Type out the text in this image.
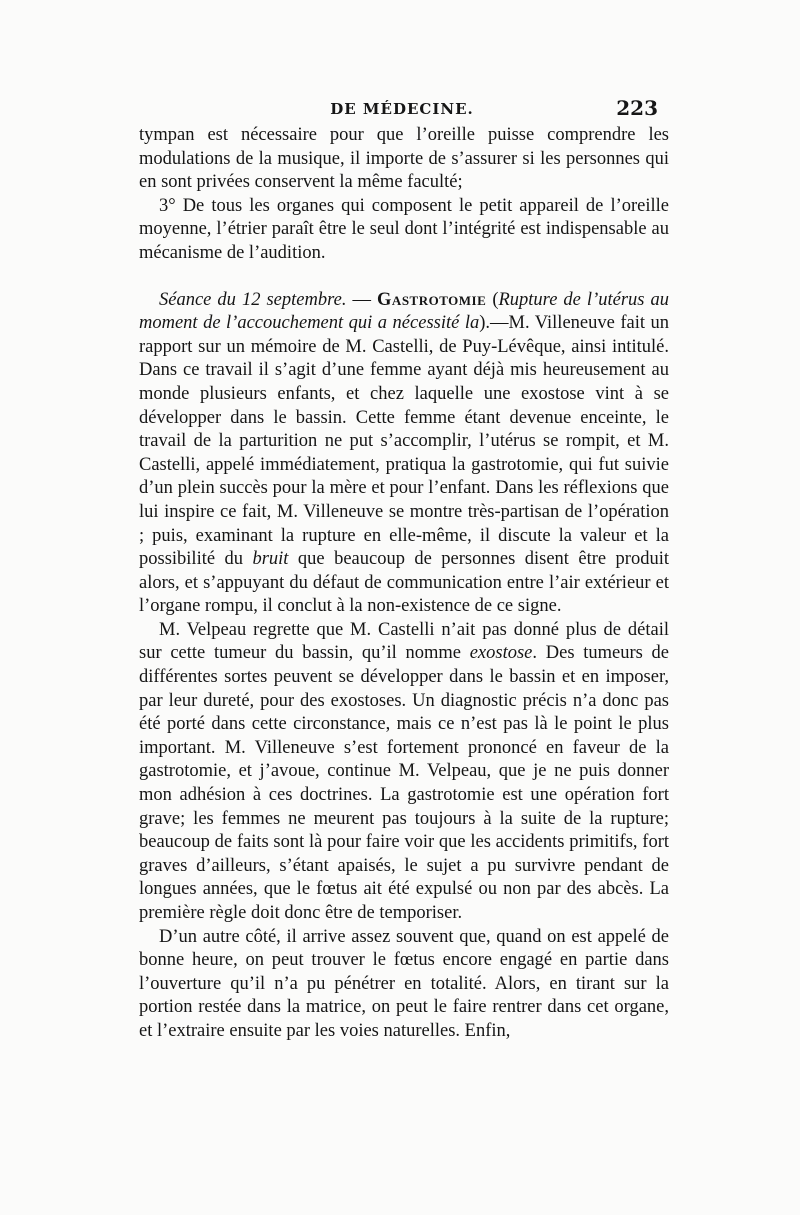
DE MÉDECINE.	223

tympan est nécessaire pour que l’oreille puisse comprendre les modulations de la musique, il importe de s’assurer si les personnes qui en sont privées conservent la même faculté;

3° De tous les organes qui composent le petit appareil de l’oreille moyenne, l’étrier paraît être le seul dont l’intégrité est indispensable au mécanisme de l’audition.

Séance du 12 septembre. — Gastrotomie (Rupture de l’utérus au moment de l’accouchement qui a nécessité la).—M. Villeneuve fait un rapport sur un mémoire de M. Castelli, de Puy-Lévêque, ainsi intitulé. Dans ce travail il s’agit d’une femme ayant déjà mis heureusement au monde plusieurs enfants, et chez laquelle une exostose vint à se développer dans le bassin. Cette femme étant devenue enceinte, le travail de la parturition ne put s’accomplir, l’utérus se rompit, et M. Castelli, appelé immédiatement, pratiqua la gastrotomie, qui fut suivie d’un plein succès pour la mère et pour l’enfant. Dans les réflexions que lui inspire ce fait, M. Villeneuve se montre très-partisan de l’opération ; puis, examinant la rupture en elle-même, il discute la valeur et la possibilité du bruit que beaucoup de personnes disent être produit alors, et s’appuyant du défaut de communication entre l’air extérieur et l’organe rompu, il conclut à la non-existence de ce signe.

M. Velpeau regrette que M. Castelli n’ait pas donné plus de détail sur cette tumeur du bassin, qu’il nomme exostose. Des tumeurs de différentes sortes peuvent se développer dans le bassin et en imposer, par leur dureté, pour des exostoses. Un diagnostic précis n’a donc pas été porté dans cette circonstance, mais ce n’est pas là le point le plus important. M. Villeneuve s’est fortement prononcé en faveur de la gastrotomie, et j’avoue, continue M. Velpeau, que je ne puis donner mon adhésion à ces doctrines. La gastrotomie est une opération fort grave; les femmes ne meurent pas toujours à la suite de la rupture; beaucoup de faits sont là pour faire voir que les accidents primitifs, fort graves d’ailleurs, s’étant apaisés, le sujet a pu survivre pendant de longues années, que le fœtus ait été expulsé ou non par des abcès. La première règle doit donc être de temporiser.

D’un autre côté, il arrive assez souvent que, quand on est appelé de bonne heure, on peut trouver le fœtus encore engagé en partie dans l’ouverture qu’il n’a pu pénétrer en totalité. Alors, en tirant sur la portion restée dans la matrice, on peut le faire rentrer dans cet organe, et l’extraire ensuite par les voies naturelles. Enfin,
